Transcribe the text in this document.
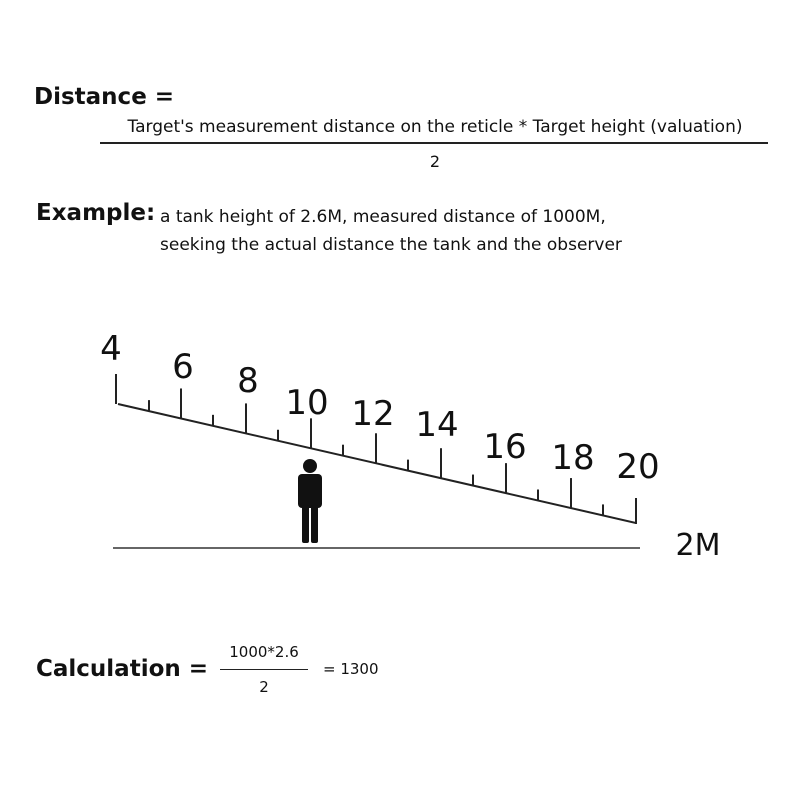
Distance =
Target's measurement distance on the reticle * Target height (valuation)
2
Example: a tank height of 2.6M, measured distance of 1000M,
seeking the actual distance the tank and the observer
4 6 8
10 12 14
16 18 20
2M
Calculation =
1000*2.6
2
= 1300
